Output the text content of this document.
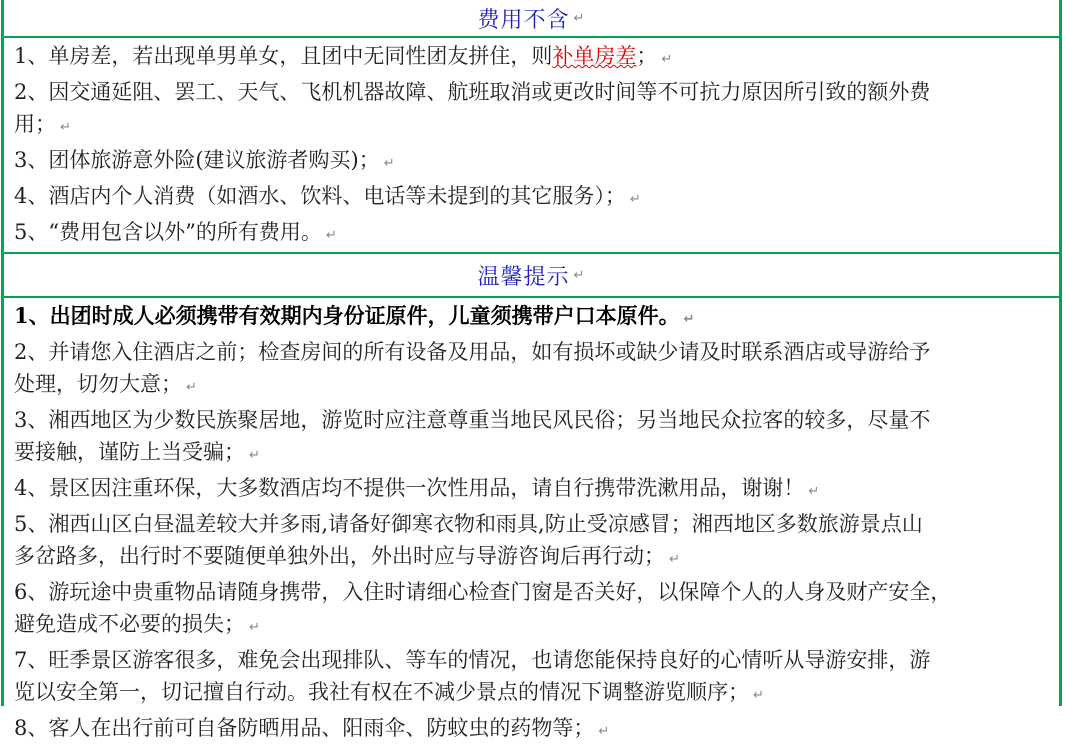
费用不含 ↵
1、单房差，若出现单男单女，且团中无同性团友拼住，则补单房差； ↵
2、因交通延阻、罢工、天气、飞机机器故障、航班取消或更改时间等不可抗力原因所引致的额外费
用； ↵
3、团体旅游意外险(建议旅游者购买)； ↵
4、酒店内个人消费（如酒水、饮料、电话等未提到的其它服务）； ↵
5、“费用包含以外”的所有费用。 ↵
温馨提示 ↵
1、出团时成人必须携带有效期内身份证原件，儿童须携带户口本原件。 ↵
2、并请您入住酒店之前；检查房间的所有设备及用品，如有损坏或缺少请及时联系酒店或导游给予
处理，切勿大意； ↵
3、湘西地区为少数民族聚居地，游览时应注意尊重当地民风民俗；另当地民众拉客的较多，尽量不
要接触，谨防上当受骗； ↵
4、景区因注重环保，大多数酒店均不提供一次性用品，请自行携带洗漱用品，谢谢！ ↵
5、湘西山区白昼温差较大并多雨,请备好御寒衣物和雨具,防止受凉感冒；湘西地区多数旅游景点山
多岔路多，出行时不要随便单独外出，外出时应与导游咨询后再行动； ↵
6、游玩途中贵重物品请随身携带，入住时请细心检查门窗是否关好，以保障个人的人身及财产安全，
避免造成不必要的损失； ↵
7、旺季景区游客很多，难免会出现排队、等车的情况，也请您能保持良好的心情听从导游安排，游
览以安全第一，切记擅自行动。我社有权在不减少景点的情况下调整游览顺序； ↵
8、客人在出行前可自备防晒用品、阳雨伞、防蚊虫的药物等； ↵
